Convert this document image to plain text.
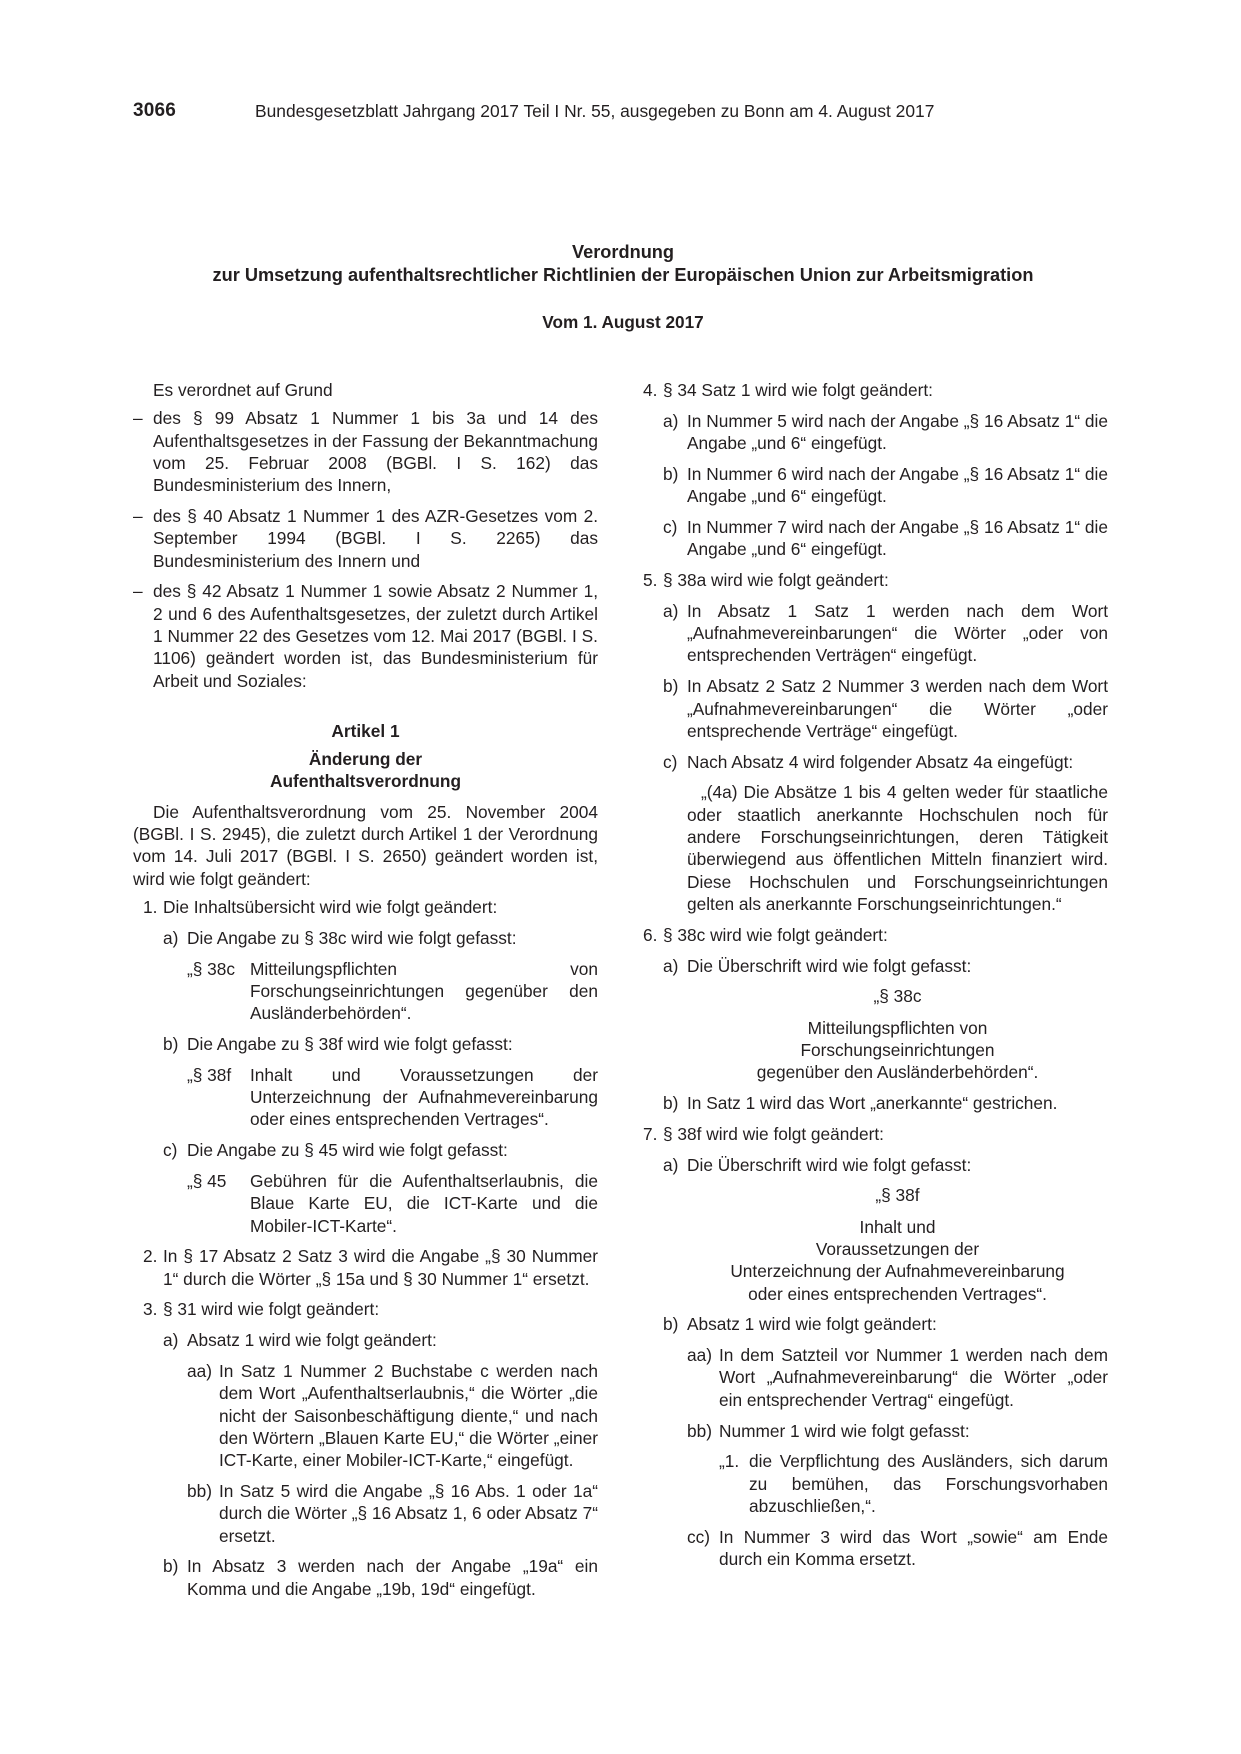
3066	Bundesgesetzblatt Jahrgang 2017 Teil I Nr. 55, ausgegeben zu Bonn am 4. August 2017
Verordnung
zur Umsetzung aufenthaltsrechtlicher Richtlinien der Europäischen Union zur Arbeitsmigration
Vom 1. August 2017

Es verordnet auf Grund

– des § 99 Absatz 1 Nummer 1 bis 3a und 14 des Aufenthaltsgesetzes in der Fassung der Bekanntmachung vom 25. Februar 2008 (BGBl. I S. 162) das Bundesministerium des Innern,
– des § 40 Absatz 1 Nummer 1 des AZR-Gesetzes vom 2. September 1994 (BGBl. I S. 2265) das Bundesministerium des Innern und
– des § 42 Absatz 1 Nummer 1 sowie Absatz 2 Nummer 1, 2 und 6 des Aufenthaltsgesetzes, der zuletzt durch Artikel 1 Nummer 22 des Gesetzes vom 12. Mai 2017 (BGBl. I S. 1106) geändert worden ist, das Bundesministerium für Arbeit und Soziales:
Artikel 1
Änderung der
Aufenthaltsverordnung

Die Aufenthaltsverordnung vom 25. November 2004 (BGBl. I S. 2945), die zuletzt durch Artikel 1 der Verordnung vom 14. Juli 2017 (BGBl. I S. 2650) geändert worden ist, wird wie folgt geändert:

1. Die Inhaltsübersicht wird wie folgt geändert:
a) Die Angabe zu § 38c wird wie folgt gefasst:
„§ 38c Mitteilungspflichten von Forschungseinrichtungen gegenüber den Ausländerbehörden“.
b) Die Angabe zu § 38f wird wie folgt gefasst:
„§ 38f	Inhalt und Voraussetzungen der Unterzeichnung der Aufnahmevereinbarung oder eines entsprechenden Vertrages“.
c) Die Angabe zu § 45 wird wie folgt gefasst:
„§ 45	Gebühren für die Aufenthaltserlaubnis, die Blaue Karte EU, die ICT-Karte und die Mobiler-ICT-Karte“.
2. In § 17 Absatz 2 Satz 3 wird die Angabe „§ 30 Nummer 1“ durch die Wörter „§ 15a und § 30 Nummer 1“ ersetzt.
3. § 31 wird wie folgt geändert:
a) Absatz 1 wird wie folgt geändert:
aa) In Satz 1 Nummer 2 Buchstabe c werden nach dem Wort „Aufenthaltserlaubnis,“ die Wörter „die nicht der Saisonbeschäftigung diente,“ und nach den Wörtern „Blauen Karte EU,“ die Wörter „einer ICT-Karte, einer Mobiler-ICT-Karte,“ eingefügt.
bb) In Satz 5 wird die Angabe „§ 16 Abs. 1 oder 1a“ durch die Wörter „§ 16 Absatz 1, 6 oder Absatz 7“ ersetzt.
b) In Absatz 3 werden nach der Angabe „19a“ ein Komma und die Angabe „19b, 19d“ eingefügt.
4. § 34 Satz 1 wird wie folgt geändert:
a) In Nummer 5 wird nach der Angabe „§ 16 Absatz 1“ die Angabe „und 6“ eingefügt.
b) In Nummer 6 wird nach der Angabe „§ 16 Absatz 1“ die Angabe „und 6“ eingefügt.
c) In Nummer 7 wird nach der Angabe „§ 16 Absatz 1“ die Angabe „und 6“ eingefügt.
5. § 38a wird wie folgt geändert:
a) In Absatz 1 Satz 1 werden nach dem Wort „Aufnahmevereinbarungen“ die Wörter „oder von entsprechenden Verträgen“ eingefügt.
b) In Absatz 2 Satz 2 Nummer 3 werden nach dem Wort „Aufnahmevereinbarungen“ die Wörter „oder entsprechende Verträge“ eingefügt.
c) Nach Absatz 4 wird folgender Absatz 4a eingefügt:

„(4a) Die Absätze 1 bis 4 gelten weder für staatliche oder staatlich anerkannte Hochschulen noch für andere Forschungseinrichtungen, deren Tätigkeit überwiegend aus öffentlichen Mitteln finanziert wird. Diese Hochschulen und Forschungseinrichtungen gelten als anerkannte Forschungseinrichtungen.“

6. § 38c wird wie folgt geändert:
a) Die Überschrift wird wie folgt gefasst:
„§ 38c
Mitteilungspflichten von
Forschungseinrichtungen
gegenüber den Ausländerbehörden“.
b) In Satz 1 wird das Wort „anerkannte“ gestrichen.
7. § 38f wird wie folgt geändert:
a) Die Überschrift wird wie folgt gefasst:
„§ 38f
Inhalt und
Voraussetzungen der
Unterzeichnung der Aufnahmevereinbarung
oder eines entsprechenden Vertrages“.
b) Absatz 1 wird wie folgt geändert:
aa) In dem Satzteil vor Nummer 1 werden nach dem Wort „Aufnahmevereinbarung“ die Wörter „oder ein entsprechender Vertrag“ eingefügt.
bb) Nummer 1 wird wie folgt gefasst:
„1. die Verpflichtung des Ausländers, sich darum zu bemühen, das Forschungsvorhaben abzuschließen,“.
cc) In Nummer 3 wird das Wort „sowie“ am Ende durch ein Komma ersetzt.
